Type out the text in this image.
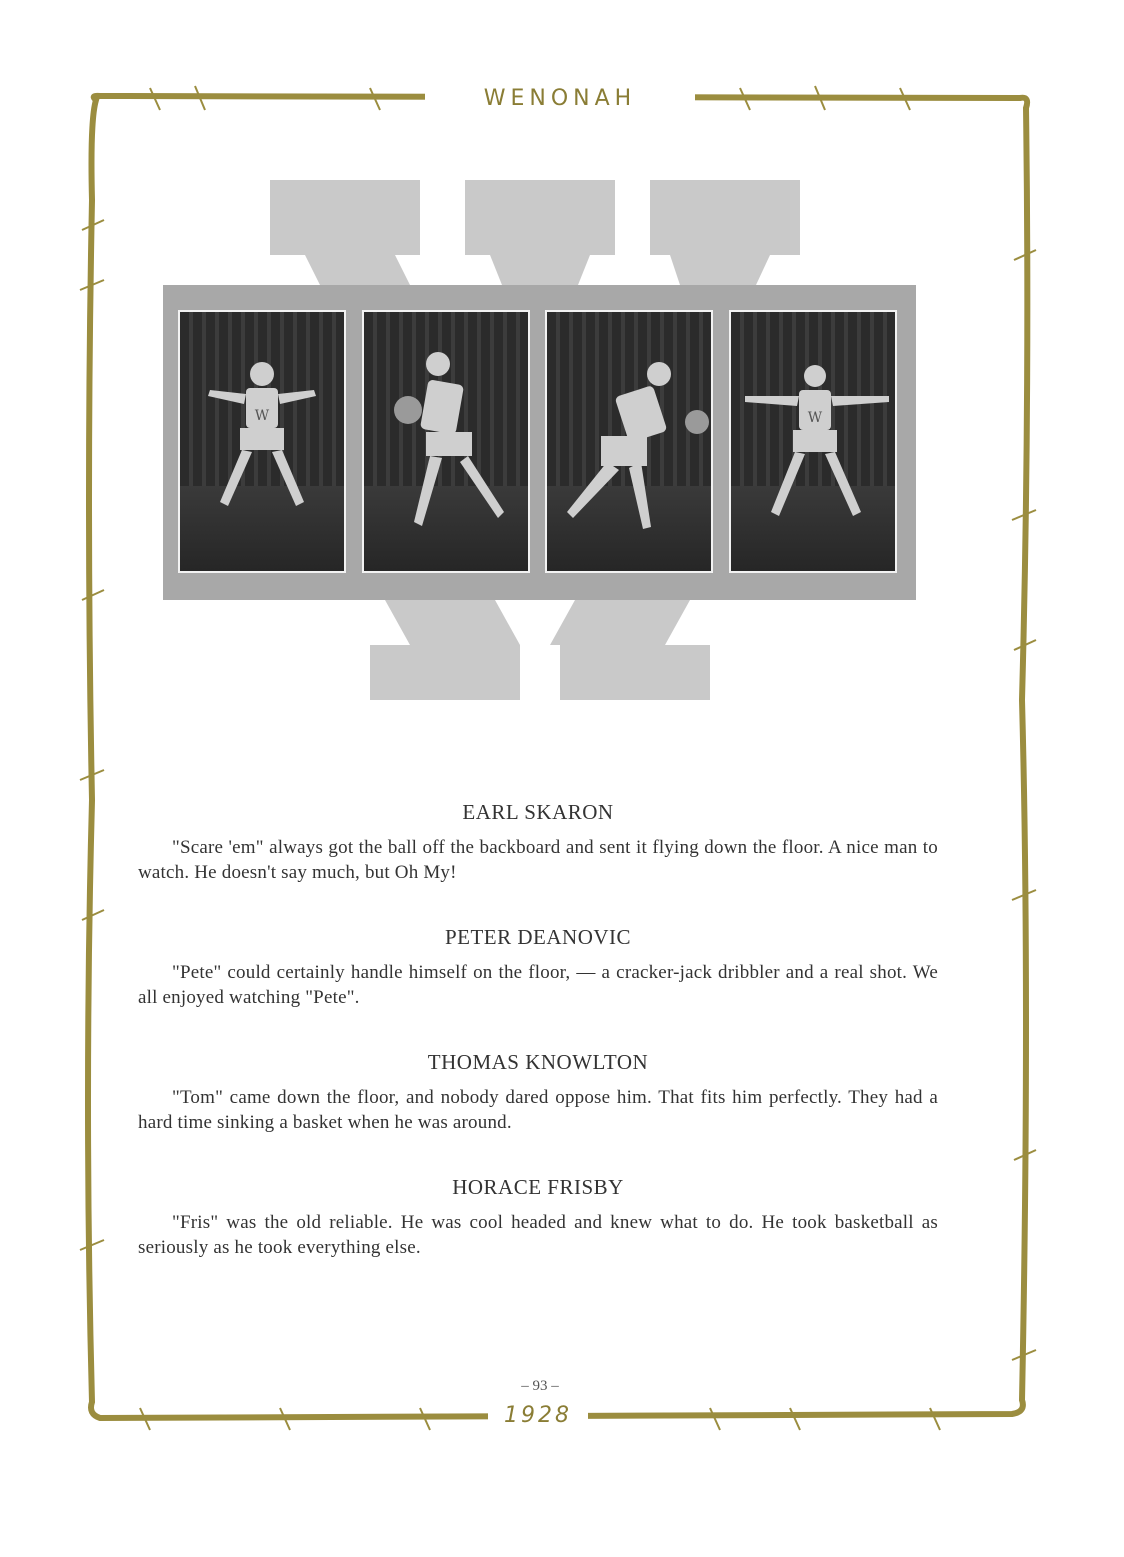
WENONAH
W	W

EARL SKARON

"Scare 'em" always got the ball off the backboard and sent it flying down the floor. A nice man to watch. He doesn't say much, but Oh My!

PETER DEANOVIC

"Pete" could certainly handle himself on the floor, — a cracker-jack dribbler and a real shot. We all enjoyed watching "Pete".

THOMAS KNOWLTON

"Tom" came down the floor, and nobody dared oppose him. That fits him perfectly. They had a hard time sinking a basket when he was around.

HORACE FRISBY

"Fris" was the old reliable. He was cool headed and knew what to do. He took basketball as seriously as he took everything else.

– 93 –
1928
